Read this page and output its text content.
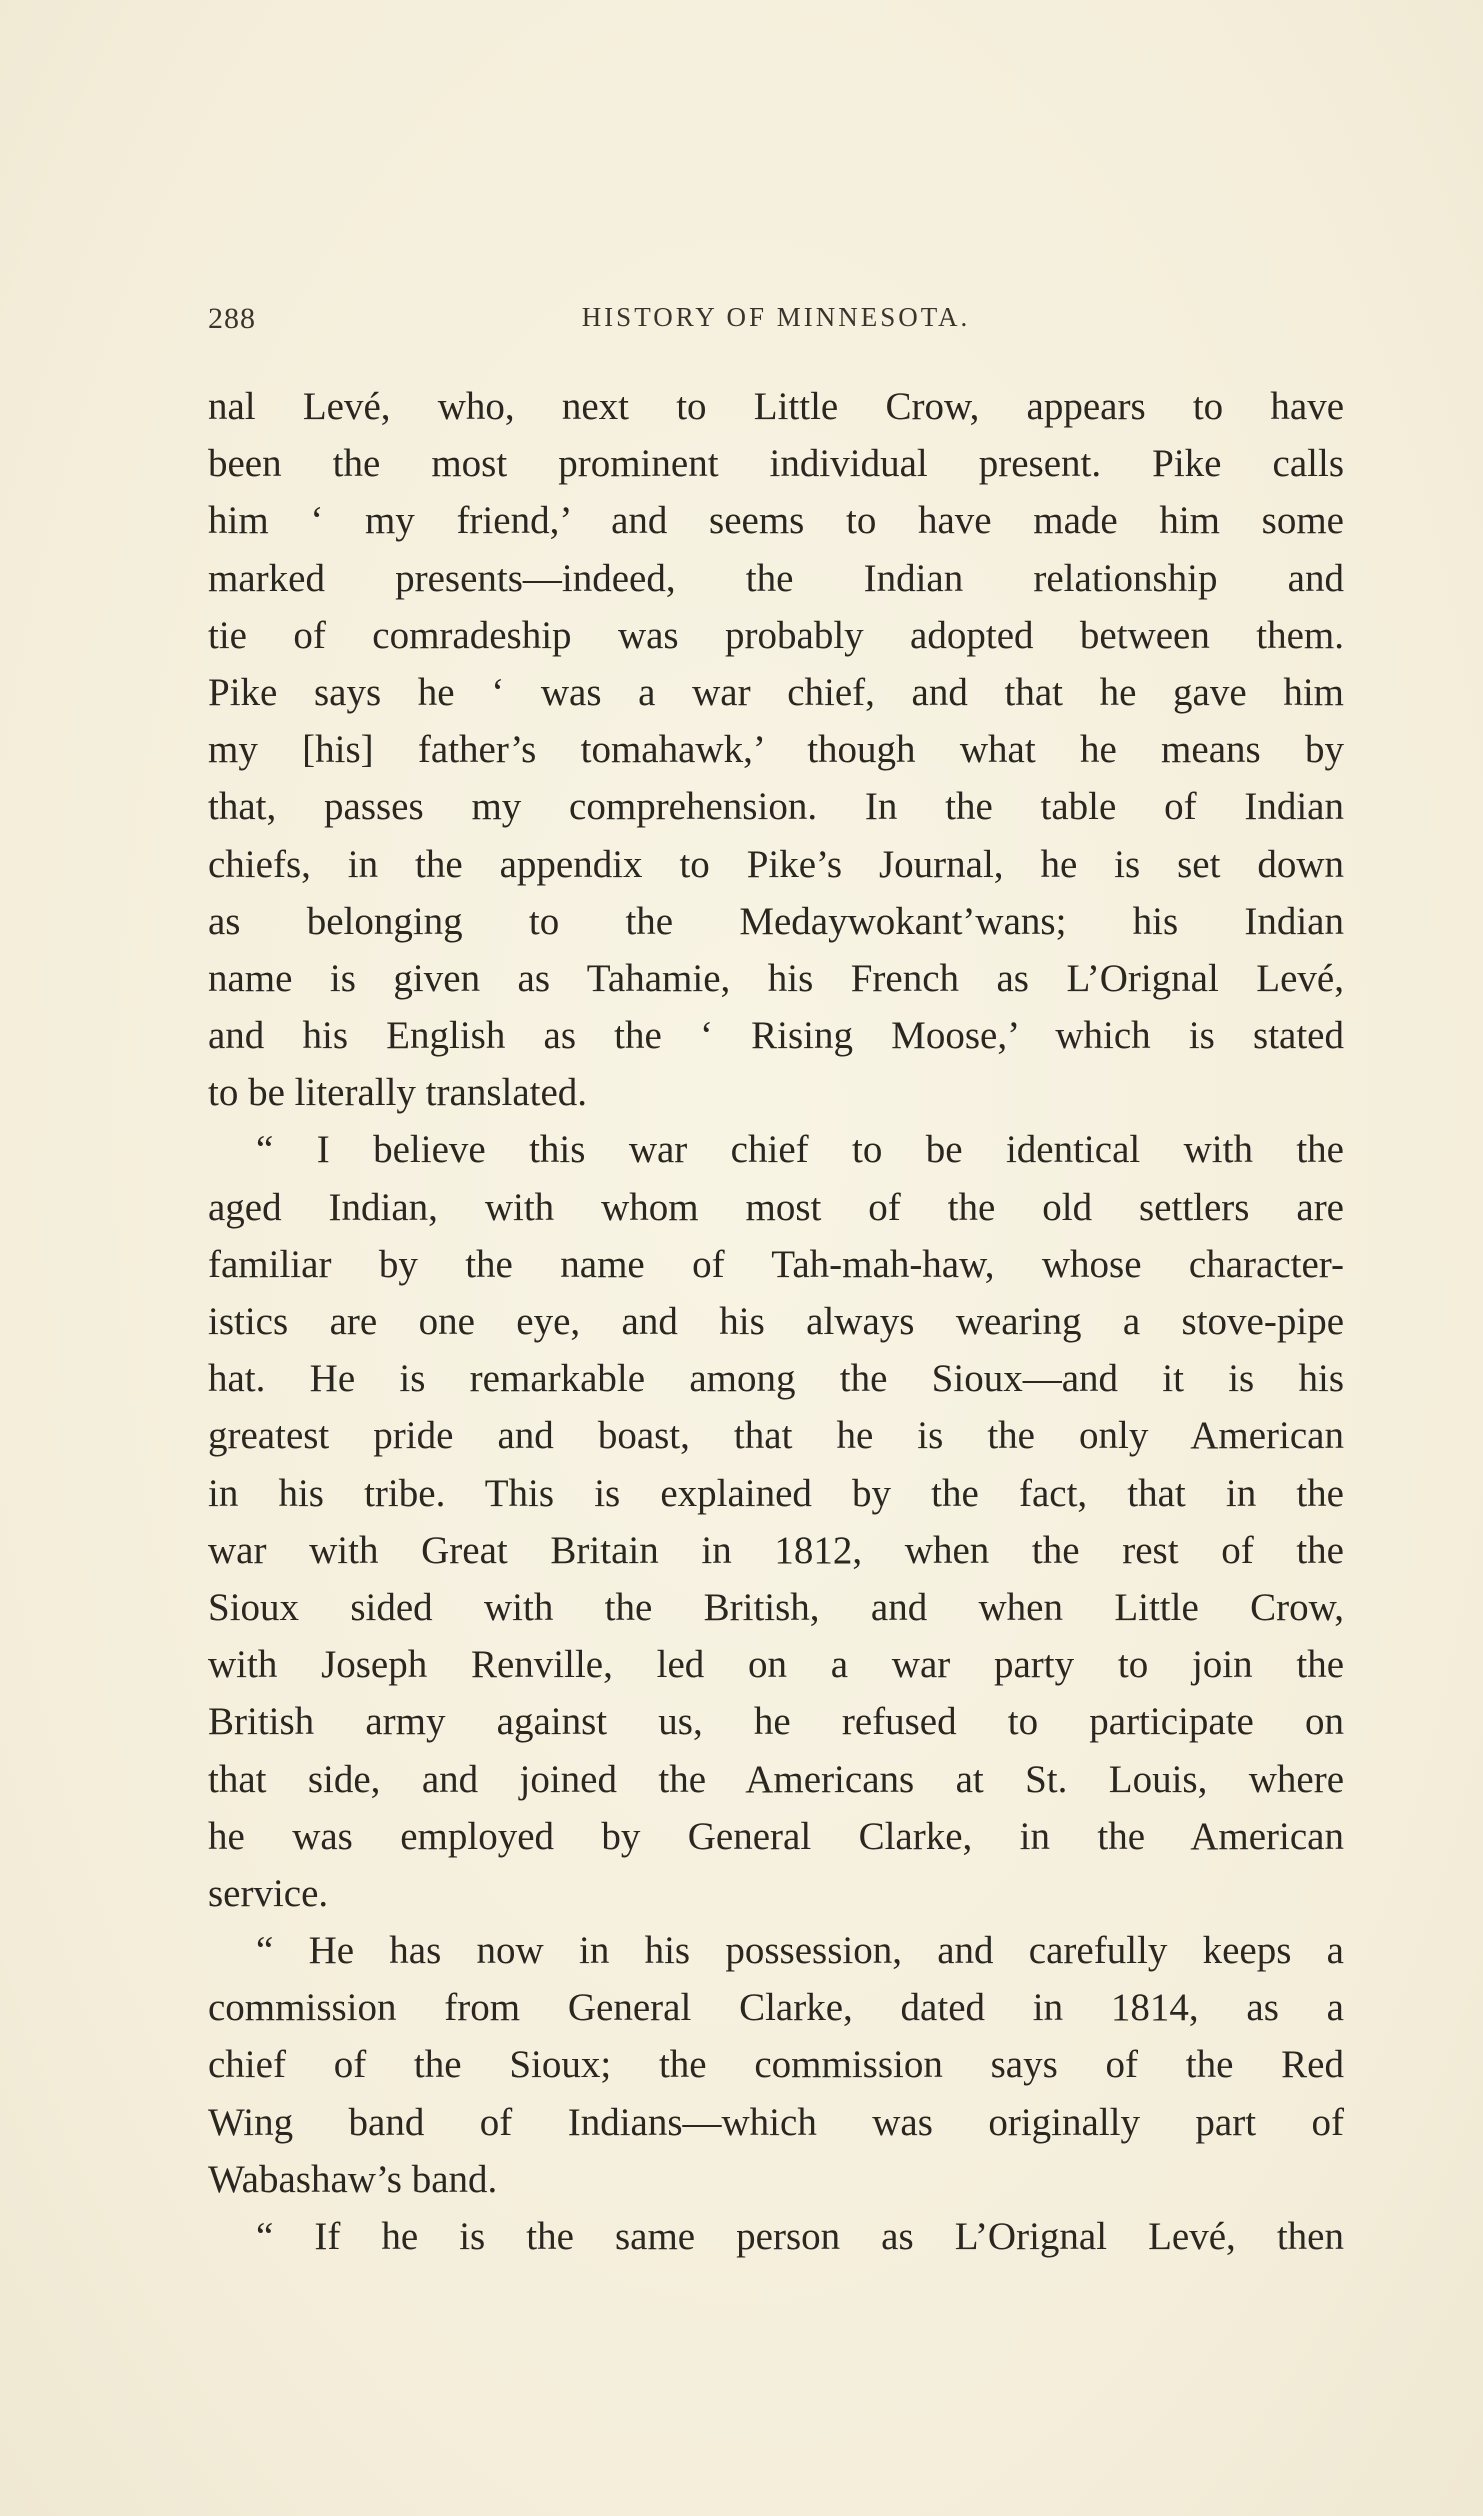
288	HISTORY OF MINNESOTA.
nal Levé, who, next to Little Crow, appears to have
been the most prominent individual present. Pike calls
him ‘ my friend,’ and seems to have made him some
marked presents—indeed, the Indian relationship and
tie of comradeship was probably adopted between them.
Pike says he ‘ was a war chief, and that he gave him
my [his] father’s tomahawk,’ though what he means by
that, passes my comprehension. In the table of Indian
chiefs, in the appendix to Pike’s Journal, he is set down
as belonging to the Medaywokant’wans; his Indian
name is given as Tahamie, his French as L’Orignal Levé,
and his English as the ‘ Rising Moose,’ which is stated
to be literally translated.
“ I believe this war chief to be identical with the
aged Indian, with whom most of the old settlers are
familiar by the name of Tah-mah-haw, whose character-
istics are one eye, and his always wearing a stove-pipe
hat. He is remarkable among the Sioux—and it is his
greatest pride and boast, that he is the only American
in his tribe. This is explained by the fact, that in the
war with Great Britain in 1812, when the rest of the
Sioux sided with the British, and when Little Crow,
with Joseph Renville, led on a war party to join the
British army against us, he refused to participate on
that side, and joined the Americans at St. Louis, where
he was employed by General Clarke, in the American
service.
“ He has now in his possession, and carefully keeps a
commission from General Clarke, dated in 1814, as a
chief of the Sioux; the commission says of the Red
Wing band of Indians—which was originally part of
Wabashaw’s band.
“ If he is the same person as L’Orignal Levé, then
